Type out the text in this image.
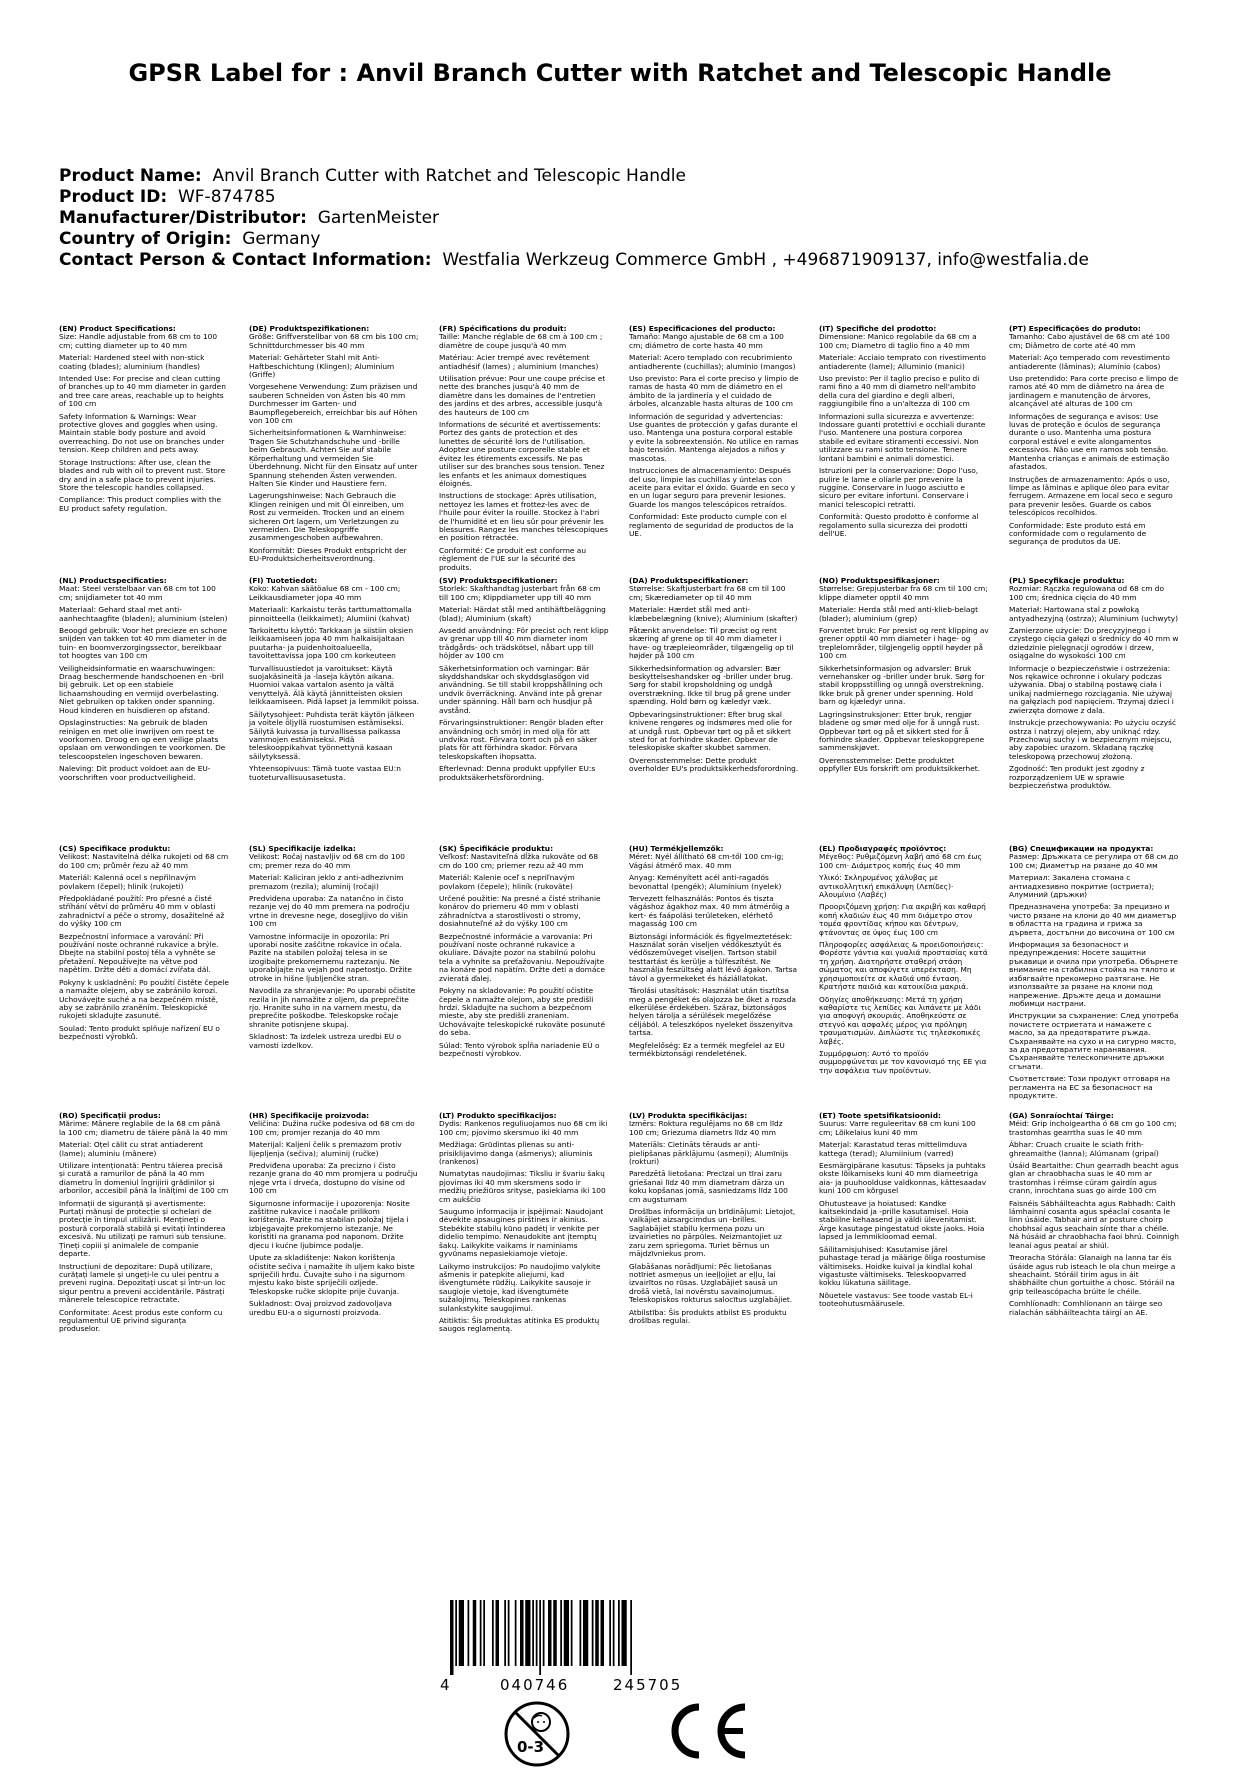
GPSR Label for : Anvil Branch Cutter with Ratchet and Telescopic Handle
Product Name: Anvil Branch Cutter with Ratchet and Telescopic Handle
Product ID: WF-874785
Manufacturer/Distributor: GartenMeister
Country of Origin: Germany
Contact Person & Contact Information: Westfalia Werkzeug Commerce GmbH , +496871909137, info@westfalia.de
(EN) Product Specifications:

Size: Handle adjustable from 68 cm to 100 cm; cutting diameter up to 40 mm

Material: Hardened steel with non-stick coating (blades); aluminium (handles)

Intended Use: For precise and clean cutting of branches up to 40 mm diameter in garden and tree care areas, reachable up to heights of 100 cm

Safety Information & Warnings: Wear protective gloves and goggles when using. Maintain stable body posture and avoid overreaching. Do not use on branches under tension. Keep children and pets away.

Storage Instructions: After use, clean the blades and rub with oil to prevent rust. Store dry and in a safe place to prevent injuries. Store the telescopic handles collapsed.

Compliance: This product complies with the EU product safety regulation.

(DE) Produktspezifikationen:

Größe: Griffverstellbar von 68 cm bis 100 cm; Schnittdurchmesser bis 40 mm

Material: Gehärteter Stahl mit Anti-Haftbeschichtung (Klingen); Aluminium (Griffe)

Vorgesehene Verwendung: Zum präzisen und sauberen Schneiden von Ästen bis 40 mm Durchmesser im Garten- und Baumpflegebereich, erreichbar bis auf Höhen von 100 cm

Sicherheitsinformationen & Warnhinweise: Tragen Sie Schutzhandschuhe und -brille beim Gebrauch. Achten Sie auf stabile Körperhaltung und vermeiden Sie Überdehnung. Nicht für den Einsatz auf unter Spannung stehenden Ästen verwenden. Halten Sie Kinder und Haustiere fern.

Lagerungshinweise: Nach Gebrauch die Klingen reinigen und mit Öl einreiben, um Rost zu vermeiden. Trocken und an einem sicheren Ort lagern, um Verletzungen zu vermeiden. Die Teleskopgriffe zusammengeschoben aufbewahren.

Konformität: Dieses Produkt entspricht der EU-Produktsicherheitsverordnung.

(FR) Spécifications du produit:

Taille: Manche réglable de 68 cm à 100 cm ; diamètre de coupe jusqu'à 40 mm

Matériau: Acier trempé avec revêtement antiadhésif (lames) ; aluminium (manches)

Utilisation prévue: Pour une coupe précise et nette des branches jusqu'à 40 mm de diamètre dans les domaines de l'entretien des jardins et des arbres, accessible jusqu'à des hauteurs de 100 cm

Informations de sécurité et avertissements: Portez des gants de protection et des lunettes de sécurité lors de l'utilisation. Adoptez une posture corporelle stable et évitez les étirements excessifs. Ne pas utiliser sur des branches sous tension. Tenez les enfants et les animaux domestiques éloignés.

Instructions de stockage: Après utilisation, nettoyez les lames et frottez-les avec de l'huile pour éviter la rouille. Stockez à l'abri de l'humidité et en lieu sûr pour prévenir les blessures. Rangez les manches télescopiques en position rétractée.

Conformité: Ce produit est conforme au règlement de l'UE sur la sécurité des produits.

(ES) Especificaciones del producto:

Tamaño: Mango ajustable de 68 cm a 100 cm; diámetro de corte hasta 40 mm

Material: Acero templado con recubrimiento antiadherente (cuchillas); aluminio (mangos)

Uso previsto: Para el corte preciso y limpio de ramas de hasta 40 mm de diámetro en el ámbito de la jardinería y el cuidado de árboles, alcanzable hasta alturas de 100 cm

Información de seguridad y advertencias: Use guantes de protección y gafas durante el uso. Mantenga una postura corporal estable y evite la sobreextensión. No utilice en ramas bajo tensión. Mantenga alejados a niños y mascotas.

Instrucciones de almacenamiento: Después del uso, limpie las cuchillas y úntelas con aceite para evitar el óxido. Guarde en seco y en un lugar seguro para prevenir lesiones. Guarde los mangos telescópicos retraídos.

Conformidad: Este producto cumple con el reglamento de seguridad de productos de la UE.

(IT) Specifiche del prodotto:

Dimensione: Manico regolabile da 68 cm a 100 cm; Diametro di taglio fino a 40 mm

Materiale: Acciaio temprato con rivestimento antiaderente (lame); Alluminio (manici)

Uso previsto: Per il taglio preciso e pulito di rami fino a 40 mm di diametro nell'ambito della cura del giardino e degli alberi, raggiungibile fino a un'altezza di 100 cm

Informazioni sulla sicurezza e avvertenze: Indossare guanti protettivi e occhiali durante l'uso. Mantenere una postura corporea stabile ed evitare stiramenti eccessivi. Non utilizzare su rami sotto tensione. Tenere lontani bambini e animali domestici.

Istruzioni per la conservazione: Dopo l'uso, pulire le lame e oliarle per prevenire la ruggine. Conservare in luogo asciutto e sicuro per evitare infortuni. Conservare i manici telescopici retratti.

Conformità: Questo prodotto è conforme al regolamento sulla sicurezza dei prodotti dell'UE.

(PT) Especificações do produto:

Tamanho: Cabo ajustável de 68 cm até 100 cm; Diâmetro de corte até 40 mm

Material: Aço temperado com revestimento antiaderente (lâminas); Alumínio (cabos)

Uso pretendido: Para corte preciso e limpo de ramos até 40 mm de diâmetro na área de jardinagem e manutenção de árvores, alcançável até alturas de 100 cm

Informações de segurança e avisos: Use luvas de proteção e óculos de segurança durante o uso. Mantenha uma postura corporal estável e evite alongamentos excessivos. Não use em ramos sob tensão. Mantenha crianças e animais de estimação afastados.

Instruções de armazenamento: Após o uso, limpe as lâminas e aplique óleo para evitar ferrugem. Armazene em local seco e seguro para prevenir lesões. Guarde os cabos telescópicos recolhidos.

Conformidade: Este produto está em conformidade com o regulamento de segurança de produtos da UE.

(NL) Productspecificaties:

Maat: Steel verstelbaar van 68 cm tot 100 cm; snijdiameter tot 40 mm

Materiaal: Gehard staal met anti-aanhechtaagfite (bladen); aluminium (stelen)

Beoogd gebruik: Voor het precieze en schone snijden van takken tot 40 mm diameter in de tuin- en boomverzorgingssector, bereikbaar tot hoogtes van 100 cm

Veiligheidsinformatie en waarschuwingen: Draag beschermende handschoenen en -bril bij gebruik. Let op een stabiele lichaamshouding en vermijd overbelasting. Niet gebruiken op takken onder spanning. Houd kinderen en huisdieren op afstand.

Opslaginstructies: Na gebruik de bladen reinigen en met olie inwrijven om roest te voorkomen. Droog en op een veilige plaats opslaan om verwondingen te voorkomen. De telescoopstelen ingeschoven bewaren.

Naleving: Dit product voldoet aan de EU-voorschriften voor productveiligheid.

(FI) Tuotetiedot:

Koko: Kahvan säätöalue 68 cm - 100 cm; Leikkausdiameter jopa 40 mm

Materiaali: Karkaistu teräs tarttumattomalla pinnoitteella (leikkaimet); Alumiini (kahvat)

Tarkoitettu käyttö: Tarkkaan ja siistiin oksien leikkaamiseen jopa 40 mm halkaisijaltaan puutarha- ja puidenhoitoalueella, tavoitettavissa jopa 100 cm korkeuteen

Turvallisuustiedot ja varoitukset: Käytä suojakäsineitä ja -laseja käytön aikana. Huomioi vakaa vartalon asento ja vältä venyttelyä. Älä käytä jännitteisten oksien leikkaamiseen. Pidä lapset ja lemmikit poissa.

Säilytysohjeet: Puhdista terät käytön jälkeen ja voitele öljyllä ruostumisen estämiseksi. Säilytä kuivassa ja turvallisessa paikassa vammojen estämiseksi. Pidä teleskooppikahvat työnnettynä kasaan säilytyksessä.

Yhteensopivuus: Tämä tuote vastaa EU:n tuoteturvallisuusasetusta.

(SV) Produktspecifikationer:

Storlek: Skafthandtag justerbart från 68 cm till 100 cm; Klippdiameter upp till 40 mm

Material: Härdat stål med antihäftbeläggning (blad); Aluminium (skaft)

Avsedd användning: För precist och rent klipp av grenar upp till 40 mm diameter inom trädgårds- och trädskötsel, nåbart upp till höjder av 100 cm

Säkerhetsinformation och varningar: Bär skyddshandskar och skyddsglasögon vid användning. Se till stabil kroppshållning och undvik överräckning. Använd inte på grenar under spänning. Håll barn och husdjur på avstånd.

Förvaringsinstruktioner: Rengör bladen efter användning och smörj in med olja för att undvika rost. Förvara torrt och på en säker plats för att förhindra skador. Förvara teleskopskaften ihopsatta.

Efterlevnad: Denna produkt uppfyller EU:s produktsäkerhetsförordning.

(DA) Produktspecifikationer:

Størrelse: Skaftjusterbart fra 68 cm til 100 cm; Skærediameter op til 40 mm

Materiale: Hærdet stål med anti-klæbebelægning (knive); Aluminium (skafter)

Påtænkt anvendelse: Til præcist og rent skæring af grene op til 40 mm diameter i have- og træpleieområder, tilgængelig op til højder på 100 cm

Sikkerhedsinformation og advarsler: Bær beskyttelseshandsker og -briller under brug. Sørg for stabil kropsholdning og undgå overstrækning. Ikke til brug på grene under spænding. Hold børn og kæledyr væk.

Opbevaringsinstruktioner: Efter brug skal knivene rengøres og indsmøres med olie for at undgå rust. Opbevar tørt og på et sikkert sted for at forhindre skader. Opbevar de teleskopiske skafter skubbet sammen.

Overensstemmelse: Dette produkt overholder EU's produktsikkerhedsforordning.

(NO) Produktspesifikasjoner:

Størrelse: Grepjusterbar fra 68 cm til 100 cm; klippe diameter opptil 40 mm

Materiale: Herdа stål med anti-klieb-belagt (blader); aluminium (grep)

Forventet bruk: For presist og rent klipping av grener opptil 40 mm diameter i hage- og treplelområder, tilgjengelig opptil høyder på 100 cm

Sikkerhetsinformasjon og advarsler: Bruk vernehansker og -briller under bruk. Sørg for stabil kroppsstilling og unngå overstrekning. Ikke bruk på grener under spenning. Hold barn og kjæledyr unna.

Lagringsinstruksjoner: Etter bruk, rengjør bladene og smør med olje for å unngå rust. Oppbevar tørt og på et sikkert sted for å forhindre skader. Oppbevar teleskopgrepene sammenskjøvet.

Overensstemmelse: Dette produktet oppfyller EUs forskrift om produktsikkerhet.

(PL) Specyfikacje produktu:

Rozmiar: Rączka regulowana od 68 cm do 100 cm; średnica cięcia do 40 mm

Materiał: Hartowana stal z powłoką antyadhezyjną (ostrza); Aluminium (uchwyty)

Zamierzone użycie: Do precyzyjnego i czystego cięcia gałęzi o średnicy do 40 mm w dziedzinie pielęgnacji ogrodów i drzew, osiągalne do wysokości 100 cm

Informacje o bezpieczeństwie i ostrzeżenia: Nos rękawice ochronne i okulary podczas używania. Dbaj o stabilną postawę ciała i unikaj nadmiernego rozciągania. Nie używaj na gałęziach pod napięciem. Trzymaj dzieci i zwierzęta domowe z dala.

Instrukcje przechowywania: Po użyciu oczyść ostrza i natrzyj olejem, aby uniknąć rdzy. Przechowuj suchy i w bezpiecznym miejscu, aby zapobiec urazom. Składaną rączkę teleskopową przechowuj złożoną.

Zgodność: Ten produkt jest zgodny z rozporządzeniem UE w sprawie bezpieczeństwa produktów.

(CS) Specifikace produktu:

Velikost: Nastavitelná délka rukojeti od 68 cm do 100 cm; průměr řezu až 40 mm

Materiál: Kalenná ocel s nepřilnavým povlakem (čepel); hliník (rukojeti)

Předpokládané použití: Pro přesné a čisté stříhání větví do průměru 40 mm v oblasti zahradnictví a péče o stromy, dosažitelné až do výšky 100 cm

Bezpečnostní informace a varování: Při používání noste ochranné rukavice a brýle. Dbejte na stabilní postoj těla a vyhněte se přetažení. Nepoužívejte na větve pod napětím. Držte děti a domácí zvířata dál.

Pokyny k uskladnění: Po použití čistěte čepele a namažte olejem, aby se zabránilo korozi. Uchovávejte suché a na bezpečném místě, aby se zabránilo zraněním. Teleskopické rukojeti skladujte zasunuté.

Soulad: Tento produkt splňuje nařízení EU o bezpečnosti výrobků.

(SL) Specifikacije izdelka:

Velikost: Ročaj nastavljiv od 68 cm do 100 cm; premer reza do 40 mm

Material: Kaliciran jeklo z anti-adhezivnim premazom (rezila); aluminij (ročaji)

Predvidena uporaba: Za natančno in čisto rezanje vej do 40 mm premera na področju vrtne in drevesne nege, dosegljivo do višin 100 cm

Varnostne informacije in opozorila: Pri uporabi nosite zaščitne rokavice in očala. Pazite na stabilen položaj telesa in se izogibajte prekomernemu raztezanju. Ne uporabljajte na vejah pod napetostjo. Držite otroke in hišne ljubljenčke stran.

Navodila za shranjevanje: Po uporabi očistite rezila in jih namažite z oljem, da preprečite rjo. Hranite suho in na varnem mestu, da preprečite poškodbe. Teleskopske ročaje shranite potisnjene skupaj.

Skladnost: Ta izdelek ustreza uredbi EU o varnosti izdelkov.

(SK) Špecifikácie produktu:

Veľkosť: Nastaviteľná dĺžka rukoväte od 68 cm do 100 cm; priemer rezu až 40 mm

Materiál: Kalenie oceľ s nepriľnavým povlakom (čepele); hliník (rukoväte)

Určené použitie: Na presné a čisté strihanie konárov do priemeru 40 mm v oblasti záhradníctva a starostlivosti o stromy, dosiahnuteľné až do výšky 100 cm

Bezpečnostné informácie a varovania: Pri používaní noste ochranné rukavice a okuliare. Dávajte pozor na stabilnú polohu tela a vyhnite sa preťažovaniu. Nepoužívajte na konáre pod napätím. Držte deti a domáce zvieratá ďalej.

Pokyny na skladovanie: Po použití očistite čepele a namažte olejom, aby ste predišli hrdzi. Skladujte na suchom a bezpečnom mieste, aby ste predišli zraneniam. Uchovávajte teleskopické rukoväte posunuté do seba.

Súlad: Tento výrobok spĺňa nariadenie EÚ o bezpečnosti výrobkov.

(HU) Termékjellemzők:

Méret: Nyél állítható 68 cm-től 100 cm-ig; Vágási átmérő max. 40 mm

Anyag: Keményített acél anti-ragadós bevonattal (pengék); Alumínium (nyelek)

Tervezett felhasználás: Pontos és tiszta vágáshoz ágakhoz max. 40 mm átmérőig a kert- és faápolási területeken, elérhető magasság 100 cm

Biztonsági információk és figyelmeztetések: Használat során viseljen védőkesztyűt és védőszemüveget viseljen. Tartson stabil testtartást és kerülje a túlfeszítést. Ne használja feszültség alatt lévő ágakon. Tartsa távol a gyermekeket és háziállatokat.

Tárolási utasítások: Használat után tisztítsa meg a pengéket és olajozza be őket a rozsda elkerülése érdekében. Száraz, biztonságos helyen tárolja a sérülések megelőzése céljából. A teleszkópos nyeleket összenyitva tartsa.

Megfelelőség: Ez a termék megfelel az EU termékbiztonsági rendeletének.

(EL) Προδιαγραφές προϊόντος:

Μέγεθος: Ρυθμιζόμενη λαβή από 68 cm έως 100 cm· Διάμετρος κοπής έως 40 mm

Υλικό: Σκληρυμένος χάλυβας με αντικολλητική επικάλυψη (Λεπίδες)· Αλουμίνιο (Λαβές)

Προοριζόμενη χρήση: Για ακριβή και καθαρή κοπή κλαδιών έως 40 mm διάμετρο στον τομέα φροντίδας κήπου και δέντρων, φτάνοντας σε ύψος έως 100 cm

Πληροφορίες ασφάλειας & προειδοποιήσεις: Φορέστε γάντια και γυαλιά προστασίας κατά τη χρήση. Διατηρήστε σταθερή στάση σώματος και αποφύγετε υπερέκταση. Μη χρησιμοποιείτε σε κλαδιά υπό ένταση. Κρατήστε παιδιά και κατοικίδια μακριά.

Οδηγίες αποθήκευσης: Μετά τη χρήση καθαρίστε τις λεπίδες και λιπάνετε με λάδι για αποφυγή σκουριάς. Αποθηκεύστε σε στεγνό και ασφαλές μέρος για πρόληψη τραυματισμών. Διπλώστε τις τηλεσκοπικές λαβές.

Συμμόρφωση: Αυτό το προϊόν συμμορφώνεται με τον κανονισμό της ΕΕ για την ασφάλεια των προϊόντων.

(BG) Спецификации на продукта:

Размер: Дръжката се регулира от 68 см до 100 см; Диаметър на рязане до 40 мм

Материал: Закалена стомана с антиадхезивно покритие (остриета); Алуминий (дръжки)

Предназначена употреба: За прецизно и чисто рязане на клони до 40 мм диаметър в областта на градина и грижа за дървета, достъпни до височина от 100 см

Информация за безопасност и предупреждения: Носете защитни ръкавици и очила при употреба. Обърнете внимание на стабилна стойка на тялото и избягвайте прекомерно разтягане. Не използвайте за рязане на клони под напрежение. Дръжте деца и домашни любимци настрани.

Инструкции за съхранение: След употреба почистете остриетата и намажете с масло, за да предотвратите ръжда. Съхранявайте на сухо и на сигурно място, за да предотвратите наранявания. Съхранявайте телескопичните дръжки сгънати.

Съответствие: Този продукт отговаря на регламента на ЕС за безопасност на продуктите.

(RO) Specificații produs:

Mărime: Mânere reglabile de la 68 cm până la 100 cm; diametru de tăiere până la 40 mm

Material: Oțel călit cu strat antiaderent (lame); aluminiu (mânere)

Utilizare intenționată: Pentru tăierea precisă și curată a ramurilor de până la 40 mm diametru în domeniul îngrijirii grădinilor și arborilor, accesibil până la înălțimi de 100 cm

Informații de siguranță și avertismente: Purtați mănuși de protecție și ochelari de protecție în timpul utilizării. Mențineți o postură corporală stabilă și evitați întinderea excesivă. Nu utilizați pe ramuri sub tensiune. Țineți copiii și animalele de companie departe.

Instrucțiuni de depozitare: După utilizare, curățați lamele și ungeți-le cu ulei pentru a preveni rugina. Depozitați uscat și într-un loc sigur pentru a preveni accidentările. Păstrați mânerele telescopice retractate.

Conformitate: Acest produs este conform cu regulamentul UE privind siguranța produselor.

(HR) Specifikacije proizvoda:

Veličina: Dužina ručke podesiva od 68 cm do 100 cm; promjer rezanja do 40 mm

Materijal: Kaljeni čelik s premazom protiv lijepljenja (sečiva); aluminij (ručke)

Predviđena uporaba: Za precizno i čisto rezanje grana do 40 mm promjera u području njege vrta i drveća, dostupno do visine od 100 cm

Sigurnosne informacije i upozorenja: Nosite zaštitne rukavice i naočale prilikom korištenja. Pazite na stabilan položaj tijela i izbjegavajte prekomjerno istezanje. Ne koristiti na granama pod naponom. Držite djecu i kućne ljubimce podalje.

Upute za skladištenje: Nakon korištenja očistite sečiva i namažite ih uljem kako biste spriječili hrđu. Čuvajte suho i na sigurnom mjestu kako biste spriječili ozljede. Teleskopske ručke sklopite prije čuvanja.

Sukladnost: Ovaj proizvod zadovoljava uredbu EU-a o sigurnosti proizvoda.

(LT) Produkto specifikacijos:

Dydis: Rankenos reguliuojamos nuo 68 cm iki 100 cm; pjovimo skersmuo iki 40 mm

Medžiaga: Grūdintas plienas su anti-prisiklijavimo danga (ašmenys); aliuminis (rankenos)

Numatytas naudojimas: Tiksliu ir švariu šakų pjovimas iki 40 mm skersmens sodo ir medžių priežiūros srityse, pasiekiama iki 100 cm aukščio

Saugumo informacija ir įspėjimai: Naudojant dėvėkite apsaugines pirštines ir akinius. Stebėkite stabilų kūno padėtį ir venkite per didelio tempimo. Nenaudokite ant įtemptų šakų. Laikykite vaikams ir naminiams gyvūnams nepasiekiamoje vietoje.

Laikymo instrukcijos: Po naudojimo valykite ašmenis ir patepkite aliejumi, kad išvengtumėte rūdžių. Laikykite sausoje ir saugioje vietoje, kad išvengtumėte sužalojimų. Teleskopines rankenas sulankstykite saugojimui.

Atitiktis: Šis produktas atitinka ES produktų saugos reglamentą.

(LV) Produkta specifikācijas:

Izmērs: Roktura regulējams no 68 cm līdz 100 cm; Griezuma diametrs līdz 40 mm

Materiāls: Cietināts tērauds ar anti-pielipšanas pārklājumu (asmeņi); Alumīnijs (rokturi)

Paredzētā lietošana: Precīzai un tīrai zaru griešanai līdz 40 mm diametram dārza un koku kopšanas jomā, sasniedzams līdz 100 cm augstumam

Drošības informācija un brīdinājumi: Lietojot, valkājiet aizsargcimdus un -brilles. Saglabājiet stabilu ķermeņa pozu un izvairieties no pārpūles. Neizmantojiet uz zaru zem spriegoma. Turiet bērnus un mājdzīvniekus prom.

Glabāšanas norādījumi: Pēc lietošanas notīriet asmeņus un ieeļļojiet ar eļļu, lai izvairītos no rūsas. Uzglabājiet sausā un drošā vietā, lai novērstu savainojumus. Teleskopiskos rokturus salocītus uzglabājiet.

Atbilstība: Šis produkts atbilst ES produktu drošības regulai.

(ET) Toote spetsifikatsioonid:

Suurus: Varre reguleeritav 68 cm kuni 100 cm; Lõikelaius kuni 40 mm

Materjal: Karastatud teras mittelimduva kattega (terad); Alumiinium (varred)

Eesmärgipärane kasutus: Täpseks ja puhtaks okste lõikamiseks kuni 40 mm diameetriga aia- ja puuhoolduse valdkonnas, kättesaadav kuni 100 cm kõrgusel

Ohutusteave ja hoiatused: Kandke kaitsekindaid ja -prille kasutamisel. Hoia stabiilne kehaasend ja väldi ülevenitamist. Ärge kasutage pingestatud okste jaoks. Hoia lapsed ja lemmikloomad eemal.

Säilitamisjuhised: Kasutamise järel puhastage terad ja määrige õliga roostumise vältimiseks. Hoidke kuival ja kindlal kohal vigastuste vältimiseks. Teleskoopvarred kokku lükatuna säilitage.

Nõuetele vastavus: See toode vastab EL-i tooteohutusmäärusele.

(GA) Sonraíochtaí Táirge:

Méid: Grip inchoigeartha ó 68 cm go 100 cm; trastomhas gearrtha suas le 40 mm

Ábhar: Cruach cruaite le sciath frith-ghreamaithe (lanna); Alúmanam (gripaí)

Úsáid Beartaithe: Chun gearradh beacht agus glan ar chraobhacha suas le 40 mm ar trastomhas i réimse cúram gairdín agus crann, inrochtana suas go airde 100 cm

Faisnéis Sábháilteachta agus Rabhadh: Caith lámhainní cosanta agus spéaclaí cosanta le linn úsáide. Tabhair aird ar posture choirp chobhsaí agus seachain sínte thar a chéile. Ná húsáid ar chraobhacha faoi bhrú. Coinnigh leanaí agus peataí ar shiúl.

Treoracha Stórála: Glanaigh na lanna tar éis úsáide agus rub isteach le ola chun meirge a sheachaint. Stóráil tirim agus in áit shábháilte chun gortuithe a chosc. Stóráil na grip teileascópacha brúite le chéile.

Comhlíonadh: Comhlíonann an táirge seo rialachán sábháilteachta táirgí an AE.

4	040746	245705
0-3
